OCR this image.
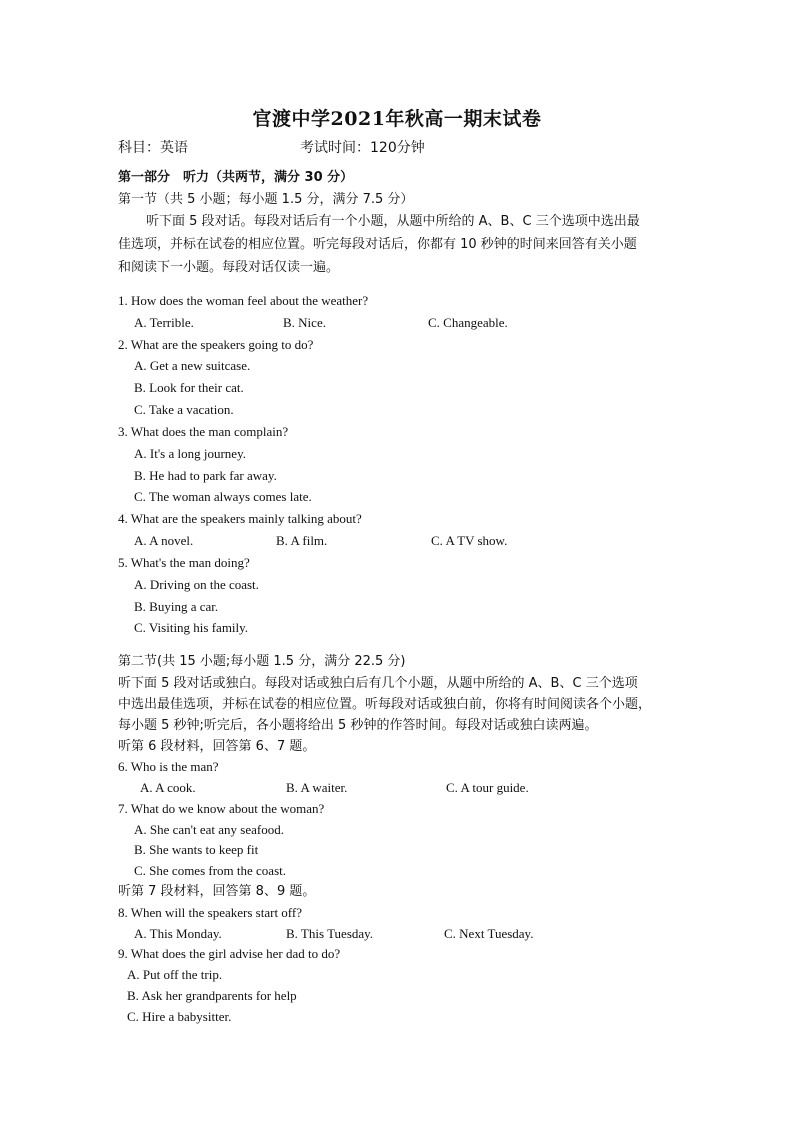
官渡中学2021年秋高一期末试卷
科目：英语	考试时间：120分钟
第一部分　听力（共两节，满分 30 分）
第一节（共 5 小题；每小题 1.5 分，满分 7.5 分）
听下面 5 段对话。每段对话后有一个小题，从题中所给的 A、B、C 三个选项中选出最
佳选项，并标在试卷的相应位置。听完每段对话后，你都有 10 秒钟的时间来回答有关小题
和阅读下一小题。每段对话仅读一遍。
1. How does the woman feel about the weather?
A. Terrible.	B. Nice.	C. Changeable.
2. What are the speakers going to do?
A. Get a new suitcase.
B. Look for their cat.
C. Take a vacation.
3. What does the man complain?
A. It's a long journey.
B. He had to park far away.
C. The woman always comes late.
4. What are the speakers mainly talking about?
A. A novel.	B. A film.	C. A TV show.
5. What's the man doing?
A. Driving on the coast.
B. Buying a car.
C. Visiting his family.
第二节(共 15 小题;每小题 1.5 分，满分 22.5 分)
听下面 5 段对话或独白。每段对话或独白后有几个小题，从题中所给的 A、B、C 三个选项
中选出最佳选项，并标在试卷的相应位置。听每段对话或独白前，你将有时间阅读各个小题，
每小题 5 秒钟;听完后，各小题将给出 5 秒钟的作答时间。每段对话或独白读两遍。
听第 6 段材料，回答第 6、7 题。
6. Who is the man?
A. A cook.	B. A waiter.	C. A tour guide.
7. What do we know about the woman?
A. She can't eat any seafood.
B. She wants to keep fit
C. She comes from the coast.
听第 7 段材料，回答第 8、9 题。
8. When will the speakers start off?
A. This Monday.	B. This Tuesday.	C. Next Tuesday.
9. What does the girl advise her dad to do?
A. Put off the trip.
B. Ask her grandparents for help
C. Hire a babysitter.
